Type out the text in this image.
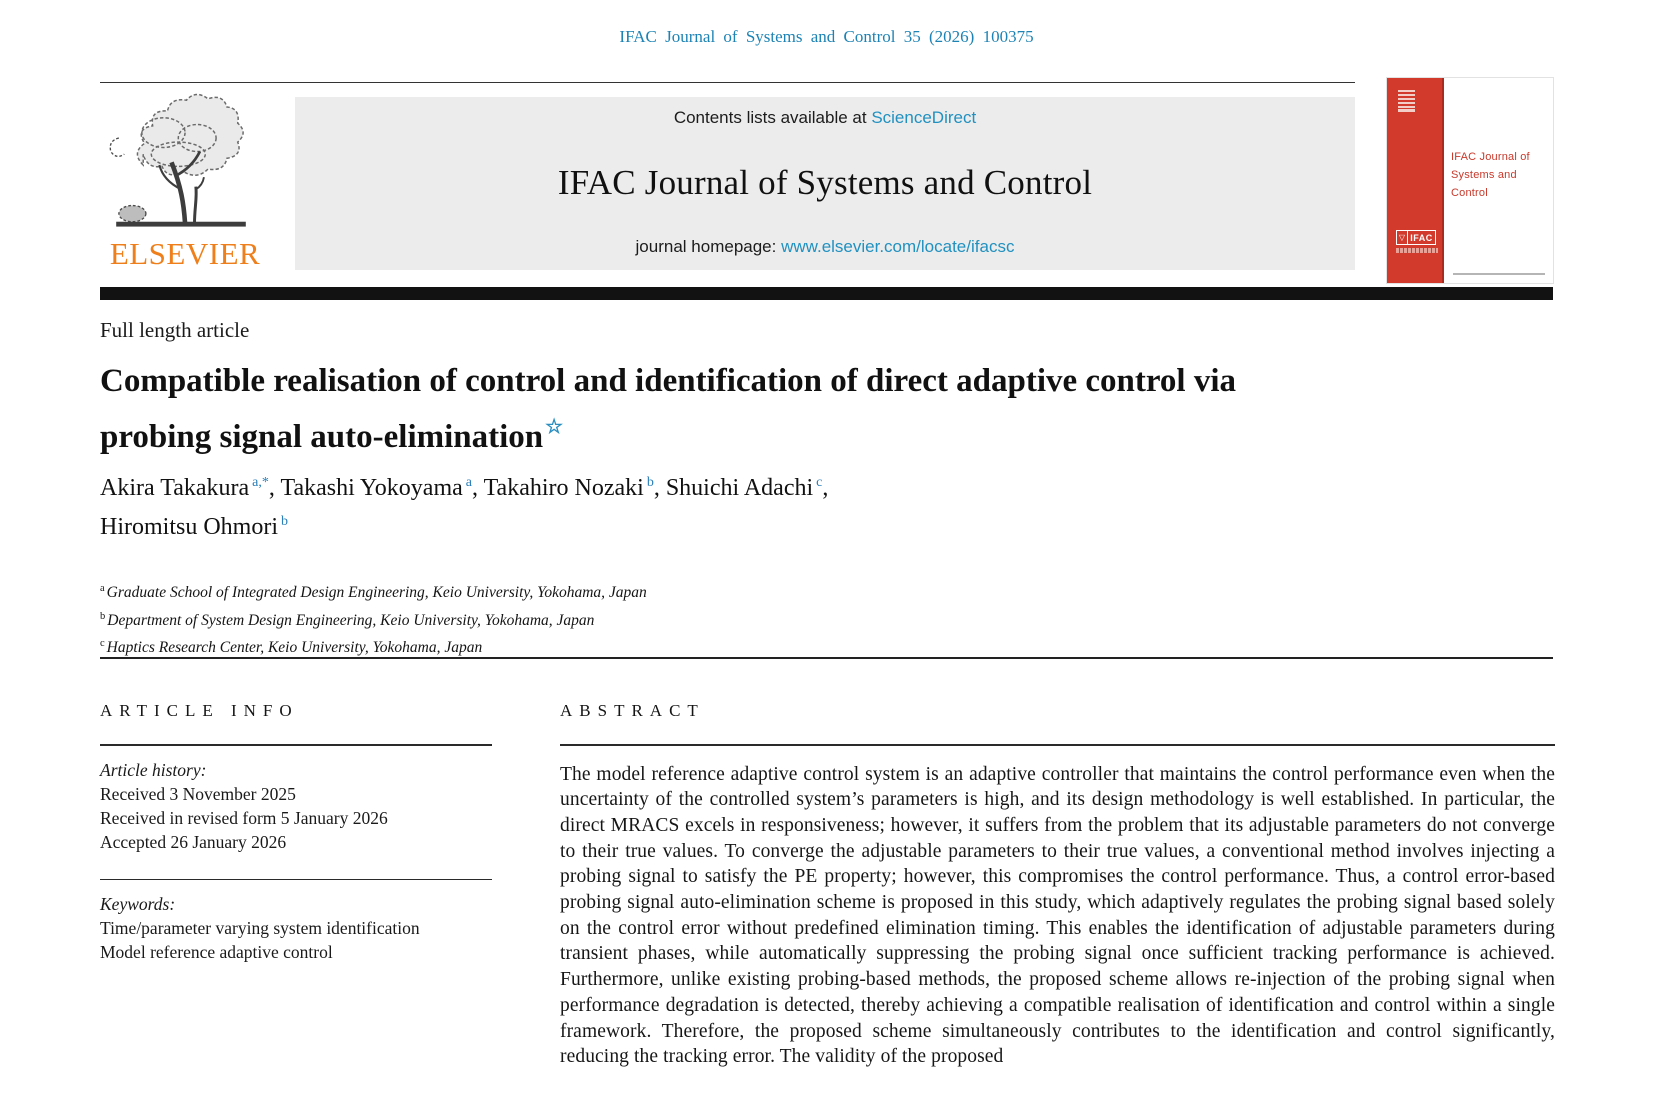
IFAC Journal of Systems and Control 35 (2026) 100375
ELSEVIER
Contents lists available at ScienceDirect
IFAC Journal of Systems and Control
journal homepage: www.elsevier.com/locate/ifacsc
IFAC Journal of
Systems and Control
▽ IFAC
Full length article
Compatible realisation of control and identification of direct adaptive control via probing signal auto-elimination ☆
Akira Takakura $^{a,*}$, Takashi Yokoyama $^a$, Takahiro Nozaki $^b$, Shuichi Adachi $^c$,
Hiromitsu Ohmori $^b$
$^a$ Graduate School of Integrated Design Engineering, Keio University, Yokohama, Japan
$^b$ Department of System Design Engineering, Keio University, Yokohama, Japan
$^c$ Haptics Research Center, Keio University, Yokohama, Japan
ARTICLE INFO
Article history:
Received 3 November 2025
Received in revised form 5 January 2026
Accepted 26 January 2026
Keywords:
Time/parameter varying system identification
Model reference adaptive control
ABSTRACT

The model reference adaptive control system is an adaptive controller that maintains the control performance even when the uncertainty of the controlled system’s parameters is high, and its design methodology is well established. In particular, the direct MRACS excels in responsiveness; however, it suffers from the problem that its adjustable parameters do not converge to their true values. To converge the adjustable parameters to their true values, a conventional method involves injecting a probing signal to satisfy the PE property; however, this compromises the control performance. Thus, a control error-based probing signal auto-elimination scheme is proposed in this study, which adaptively regulates the probing signal based solely on the control error without predefined elimination timing. This enables the identification of adjustable parameters during transient phases, while automatically suppressing the probing signal once sufficient tracking performance is achieved. Furthermore, unlike existing probing-based methods, the proposed scheme allows re-injection of the probing signal when performance degradation is detected, thereby achieving a compatible realisation of identification and control within a single framework. Therefore, the proposed scheme simultaneously contributes to the identification and control significantly, reducing the tracking error. The validity of the proposed
